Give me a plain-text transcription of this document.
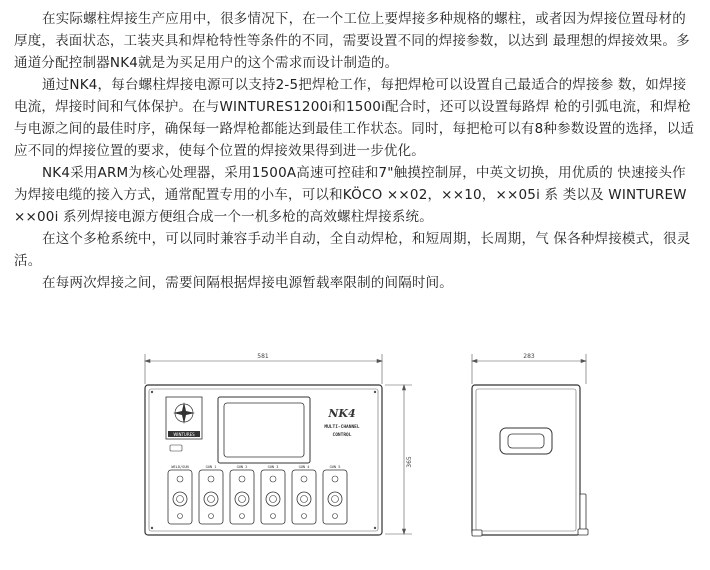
在实际螺柱焊接生产应用中，很多情况下，在一个工位上要焊接多种规格的螺柱，或者因为焊接位置母材的厚度，表面状态，工装夹具和焊枪特性等条件的不同，需要设置不同的焊接参数，以达到 最理想的焊接效果。多通道分配控制器NK4就是为买足用户的这个需求而设计制造的。

通过NK4，每台螺柱焊接电源可以支持2-5把焊枪工作，每把焊枪可以设置自己最适合的焊接参 数，如焊接电流，焊接时间和气体保护。在与WINTURES1200i和1500i配合时，还可以设置每路焊 枪的引弧电流，和焊枪与电源之间的最佳时序，确保每一路焊枪都能达到最佳工作状态。同时，每把枪可以有8种参数设置的选择，以适应不同的焊接位置的要求，使每个位置的焊接效果得到进一步优化。

NK4采用ARM为核心处理器，采用1500A高速可控硅和7"触摸控制屏，中英文切换，用优质的 快速接头作为焊接电缆的接入方式，通常配置专用的小车，可以和KÖCO ××02，××10，××05i 系 类以及 WINTUREW ××00i 系列焊接电源方便组合成一个一机多枪的高效螺柱焊接系统。

在这个多枪系统中，可以同时兼容手动半自动，全自动焊枪，和短周期，长周期，气 保各种焊接模式，很灵活。

在每两次焊接之间，需要间隔根据焊接电源暂载率限制的间隔时间。

581
365
WINTURES
NK4
MULTI-CHANNEL
CONTROL
WELD/GUN	GUN 1	GUN 2	GUN 3	GUN 4	GUN 5
283
